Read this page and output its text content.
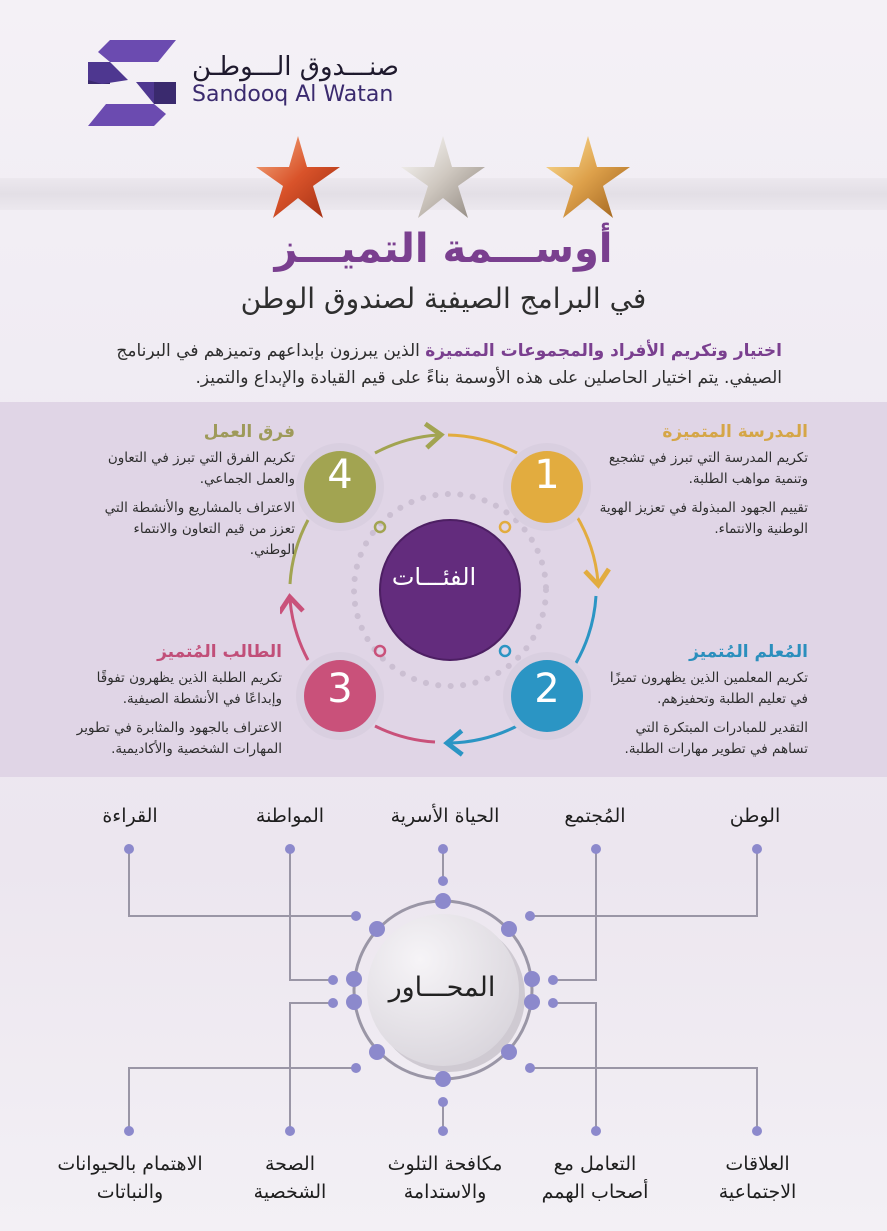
صنـــدوق الـــوطـن
Sandooq Al Watan
أوســـمة التميـــز
في البرامج الصيفية لصندوق الوطن
اختيار وتكريم الأفراد والمجموعات المتميزة الذين يبرزون بإبداعهم وتميزهم في البرنامج الصيفي. يتم اختيار الحاصلين على هذه الأوسمة بناءً على قيم القيادة والإبداع والتميز.
الفئـــات
1
2
3
4
المدرسة المتميزة

تكريم المدرسة التي تبرز في تشجيع وتنمية مواهب الطلبة.

تقييم الجهود المبذولة في تعزيز الهوية الوطنية والانتماء.

المُعلم المُتميز

تكريم المعلمين الذين يظهرون تميزًا في تعليم الطلبة وتحفيزهم.

التقدير للمبادرات المبتكرة التي تساهم في تطوير مهارات الطلبة.

الطالب المُتميز

تكريم الطلبة الذين يظهرون تفوقًا وإبداعًا في الأنشطة الصيفية.

الاعتراف بالجهود والمثابرة في تطوير المهارات الشخصية والأكاديمية.

فرق العمل

تكريم الفرق التي تبرز في التعاون والعمل الجماعي.

الاعتراف بالمشاريع والأنشطة التي تعزز من قيم التعاون والانتماء الوطني.

الوطن
المُجتمع
الحياة الأسرية
المواطنة
القراءة
المحـــاور
العلاقات
الاجتماعية
التعامل مع
أصحاب الهمم
مكافحة التلوث
والاستدامة
الصحة
الشخصية
الاهتمام بالحيوانات
والنباتات
